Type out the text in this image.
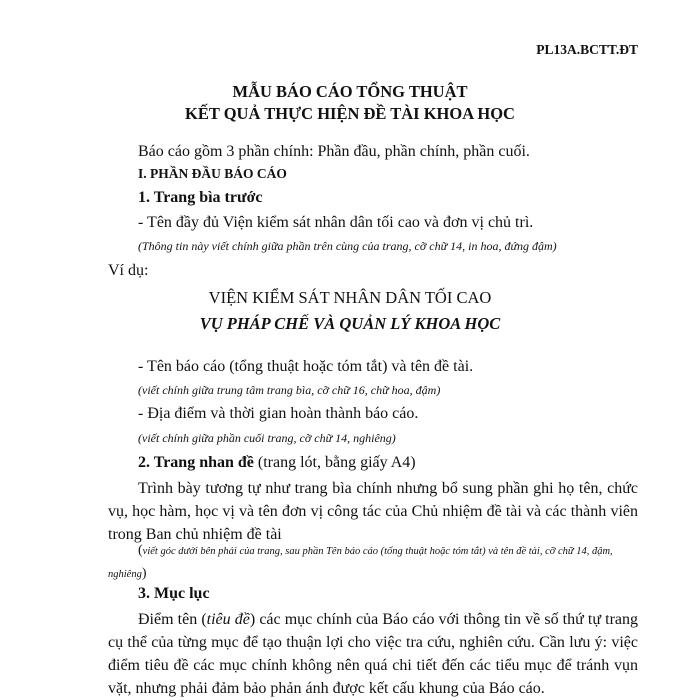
PL13A.BCTT.ĐT
MẪU BÁO CÁO TỔNG THUẬT
KẾT QUẢ THỰC HIỆN ĐỀ TÀI KHOA HỌC
Báo cáo gồm 3 phần chính: Phần đầu, phần chính, phần cuối.
I. PHẦN ĐẦU BÁO CÁO
1. Trang bìa trước
- Tên đầy đủ Viện kiểm sát nhân dân tối cao và đơn vị chủ trì.
(Thông tin này viết chính giữa phần trên cùng của trang, cỡ chữ 14, in hoa, đứng đậm)
Ví dụ:
VIỆN KIỂM SÁT NHÂN DÂN TỐI CAO
VỤ PHÁP CHẾ VÀ QUẢN LÝ KHOA HỌC
- Tên báo cáo (tổng thuật hoặc tóm tắt) và tên đề tài.
(viết chính giữa trung tâm trang bìa, cỡ chữ 16, chữ hoa, đậm)
- Địa điểm và thời gian hoàn thành báo cáo.
(viết chính giữa phần cuối trang, cỡ chữ 14, nghiêng)
2. Trang nhan đề (trang lót, bằng giấy A4)
Trình bày tương tự như trang bìa chính nhưng bổ sung phần ghi họ tên, chức vụ, học hàm, học vị và tên đơn vị công tác của Chủ nhiệm đề tài và các thành viên trong Ban chủ nhiệm đề tài
(viết góc dưới bên phải của trang, sau phần Tên báo cáo (tổng thuật hoặc tóm tắt) và tên đề tài, cỡ chữ 14, đậm, nghiêng)
3. Mục lục
Điểm tên (tiêu đề) các mục chính của Báo cáo với thông tin về số thứ tự trang cụ thể của từng mục để tạo thuận lợi cho việc tra cứu, nghiên cứu. Cần lưu ý: việc điểm tiêu đề các mục chính không nên quá chi tiết đến các tiểu mục để tránh vụn vặt, nhưng phải đảm bảo phản ánh được kết cấu khung của Báo cáo.
